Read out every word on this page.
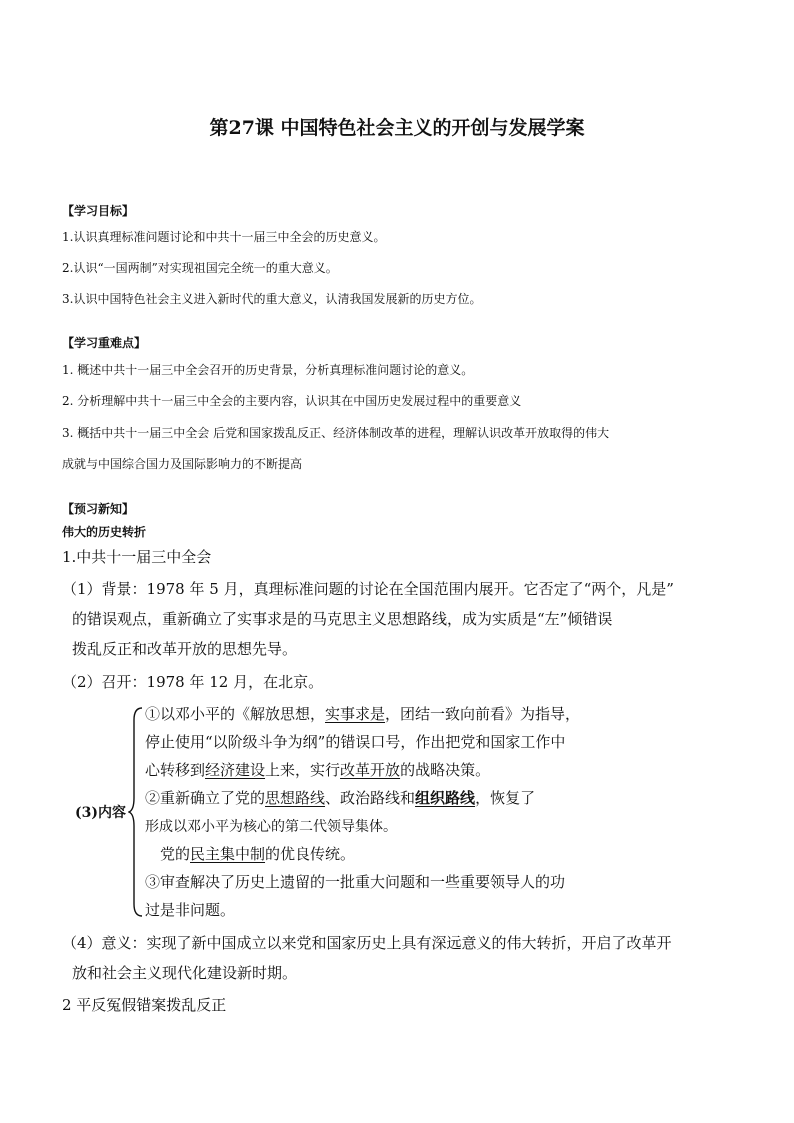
第27课 中国特色社会主义的开创与发展学案
【学习目标】
1.认识真理标准问题讨论和中共十一届三中全会的历史意义。
2.认识“一国两制”对实现祖国完全统一的重大意义。
3.认识中国特色社会主义进入新时代的重大意义，认清我国发展新的历史方位。
【学习重难点】
1. 概述中共十一届三中全会召开的历史背景，分析真理标准问题讨论的意义。
2. 分析理解中共十一届三中全会的主要内容，认识其在中国历史发展过程中的重要意义
3. 概括中共十一届三中全会 后党和国家拨乱反正、经济体制改革的进程，理解认识改革开放取得的伟大
成就与中国综合国力及国际影响力的不断提高
【预习新知】
伟大的历史转折
1.中共十一届三中全会
（1）背景：1978 年 5 月，真理标准问题的讨论在全国范围内展开。它否定了“两个，凡是”
的错误观点，重新确立了实事求是的马克思主义思想路线，成为实质是“左”倾错误
拨乱反正和改革开放的思想先导。
（2）召开：1978 年 12 月，在北京。
(3)内容
①以邓小平的《解放思想，实事求是，团结一致向前看》为指导，
停止使用“以阶级斗争为纲”的错误口号，作出把党和国家工作中
心转移到经济建设上来，实行改革开放的战略决策。
②重新确立了党的思想路线、政治路线和组织路线，恢复了
形成以邓小平为核心的第二代领导集体。
党的民主集中制的优良传统。
③审查解决了历史上遗留的一批重大问题和一些重要领导人的功
过是非问题。
（4）意义：实现了新中国成立以来党和国家历史上具有深远意义的伟大转折，开启了改革开
放和社会主义现代化建设新时期。
2 平反冤假错案拨乱反正
